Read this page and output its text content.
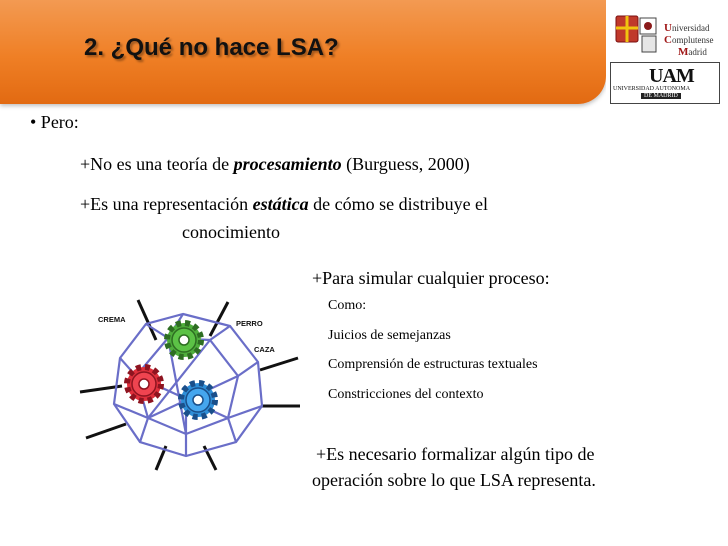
2. ¿Qué no hace LSA?
Universidad
Complutense
Madrid
UAM
UNIVERSIDAD AUTONOMA
DE MADRID
• Pero:
+No es una teoría de procesamiento (Burguess, 2000)
+Es una representación estática de cómo se distribuye el
conocimiento
+Para simular cualquier proceso:
Como:
Juicios de semejanzas
Comprensión de estructuras textuales
Constricciones del contexto
+Es necesario formalizar algún tipo de
operación sobre lo que LSA representa.
CREMA	PERRO
CAZA
